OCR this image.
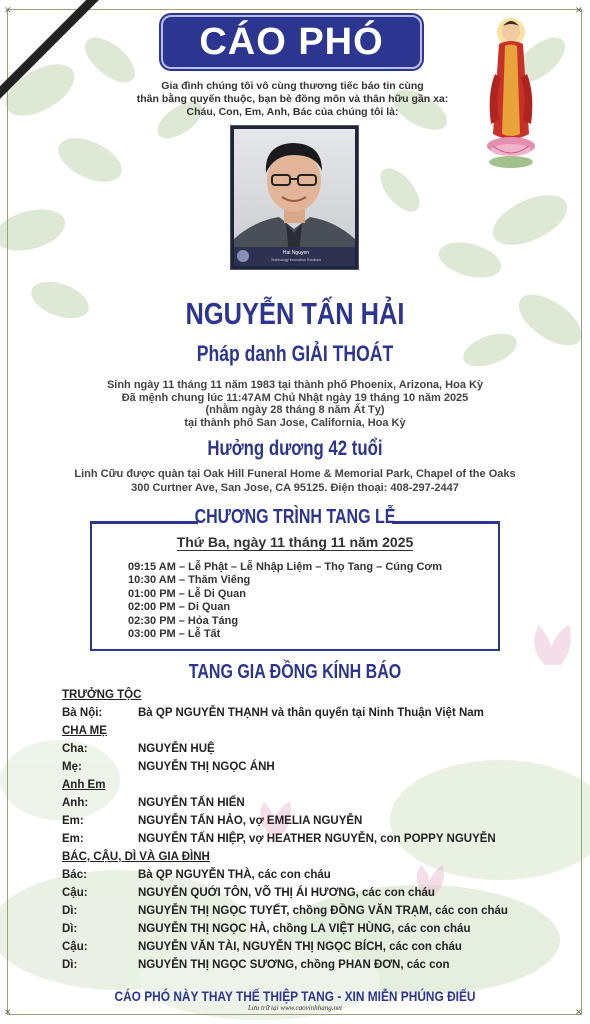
✕	✕
✕	✕
CÁO PHÓ
Gia đình chúng tôi vô cùng thương tiếc báo tin cùng
thân bằng quyến thuộc, bạn bè đồng môn và thân hữu gần xa:
Cháu, Con, Em, Anh, Bác của chúng tôi là:
Hai Nguyen
Technology Innovation Solutions
NGUYỄN TẤN HẢI
Pháp danh GIẢI THOÁT
Sinh ngày 11 tháng 11 năm 1983 tại thành phố Phoenix, Arizona, Hoa Kỳ
Đã mệnh chung lúc 11:47AM Chủ Nhật ngày 19 tháng 10 năm 2025
(nhằm ngày 28 tháng 8 năm Ất Tỵ)
tại thành phố San Jose, California, Hoa Kỳ
Hưởng dương 42 tuổi
Linh Cữu được quàn tại Oak Hill Funeral Home & Memorial Park, Chapel of the Oaks
300 Curtner Ave, San Jose, CA 95125. Điện thoại: 408-297-2447
CHƯƠNG TRÌNH TANG LỄ
Thứ Ba, ngày 11 tháng 11 năm 2025
09:15 AM – Lễ Phật – Lễ Nhập Liệm – Thọ Tang – Cúng Cơm
10:30 AM – Thăm Viếng
01:00 PM – Lễ Di Quan
02:00 PM – Di Quan
02:30 PM – Hỏa Táng
03:00 PM – Lễ Tất
TANG GIA ĐỒNG KÍNH BÁO
TRƯỞNG TỘC
Bà Nội:	Bà QP NGUYỄN THẠNH và thân quyến tại Ninh Thuận Việt Nam
CHA MẸ
Cha:	NGUYỄN HUỆ
Mẹ:	NGUYỄN THỊ NGỌC ÁNH
Anh Em
Anh:	NGUYỄN TẤN HIỂN
Em:	NGUYỄN TẤN HẢO, vợ EMELIA NGUYỄN
Em:	NGUYỄN TẤN HIỆP, vợ HEATHER NGUYỄN, con POPPY NGUYỄN
BÁC, CẬU, DÌ VÀ GIA ĐÌNH
Bác:	Bà QP NGUYỄN THÀ, các con cháu
Cậu:	NGUYỄN QUỚI TÔN, VÕ THỊ ÁI HƯƠNG, các con cháu
Dì:	NGUYỄN THỊ NGỌC TUYẾT, chồng ĐỒNG VĂN TRẠM, các con cháu
Dì:	NGUYỄN THỊ NGỌC HÀ, chồng LA VIỆT HÙNG, các con cháu
Cậu:	NGUYỄN VĂN TÀI, NGUYỄN THỊ NGỌC BÍCH, các con cháu
Dì:	NGUYỄN THỊ NGỌC SƯƠNG, chồng PHAN ĐƠN, các con
CÁO PHÓ NÀY THAY THẾ THIỆP TANG - XIN MIỄN PHÚNG ĐIẾU
Lưu trữ tại www.caovinhhang.net
